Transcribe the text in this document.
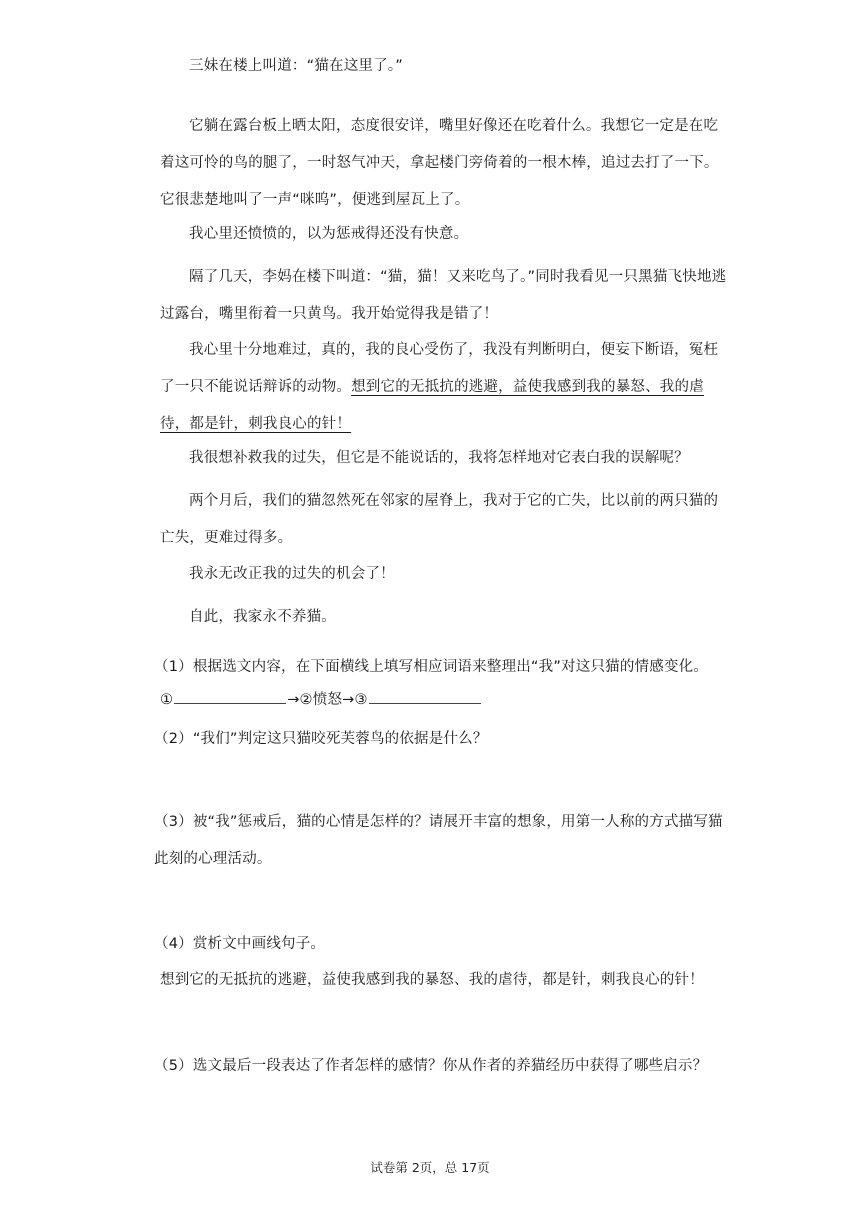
三妹在楼上叫道：“猫在这里了。”

它躺在露台板上晒太阳，态度很安详，嘴里好像还在吃着什么。我想它一定是在吃着这可怜的鸟的腿了，一时怒气冲天，拿起楼门旁倚着的一根木棒，追过去打了一下。它很悲楚地叫了一声“咪呜”，便逃到屋瓦上了。

我心里还愤愤的，以为惩戒得还没有快意。

隔了几天，李妈在楼下叫道：“猫，猫！又来吃鸟了。”同时我看见一只黑猫飞快地逃过露台，嘴里衔着一只黄鸟。我开始觉得我是错了！

我心里十分地难过，真的，我的良心受伤了，我没有判断明白，便妄下断语，冤枉了一只不能说话辩诉的动物。想到它的无抵抗的逃避，益使我感到我的暴怒、我的虐待，都是针，刺我良心的针！

我很想补救我的过失，但它是不能说话的，我将怎样地对它表白我的误解呢？

两个月后，我们的猫忽然死在邻家的屋脊上，我对于它的亡失，比以前的两只猫的亡失，更难过得多。

我永无改正我的过失的机会了！

自此，我家永不养猫。

（1）根据选文内容，在下面横线上填写相应词语来整理出“我”对这只猫的情感变化。

①	→②愤怒→③

（2）“我们”判定这只猫咬死芙蓉鸟的依据是什么？

（3）被“我”惩戒后，猫的心情是怎样的？请展开丰富的想象，用第一人称的方式描写猫此刻的心理活动。

（4）赏析文中画线句子。

想到它的无抵抗的逃避，益使我感到我的暴怒、我的虐待，都是针，刺我良心的针！

（5）选文最后一段表达了作者怎样的感情？你从作者的养猫经历中获得了哪些启示？

试卷第 2页，总 17页
